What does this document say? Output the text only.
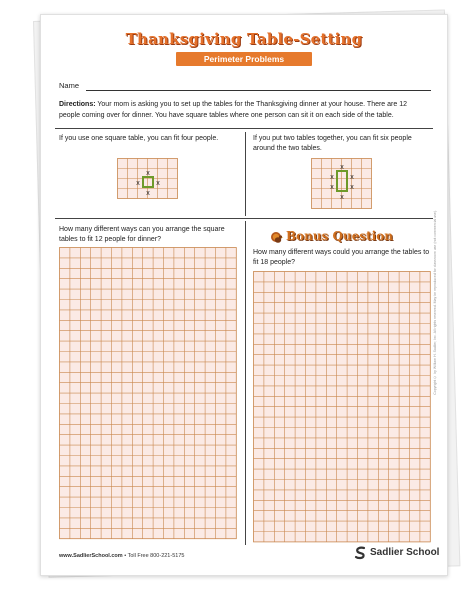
Thanksgiving Table-Setting
Perimeter Problems
Name

Directions: Your mom is asking you to set up the tables for the Thanksgiving dinner at your house. There are 12 people coming over for dinner. You have square tables where one person can sit it on each side of the table.

If you use one square table, you can fit four people.	If you put two tables together, you can fit six people around the two tables.

x
x
x x
x
x
x
x
x
x

How many different ways can you arrange the square tables to fit 12 people for dinner?	Bonus Question

How many different ways could you arrange the tables to fit 18 people?	Copyright © by William H. Sadlier, Inc. All rights reserved. May be reproduced for classroom use (not commercial use).
www.SadlierSchool.com • Toll Free 800-221-5175	Sadlier School
